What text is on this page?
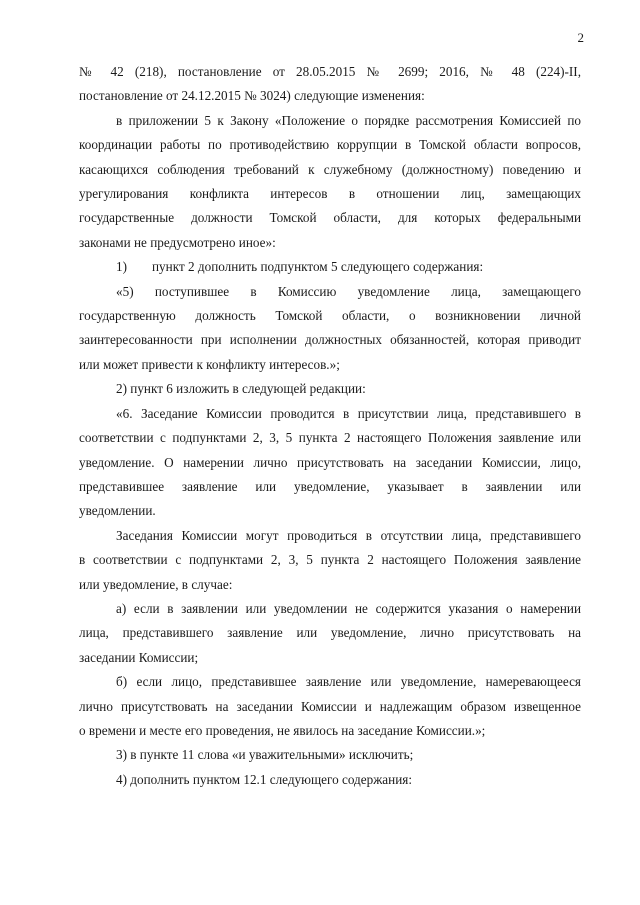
2
№ 42 (218), постановление от 28.05.2015 № 2699; 2016, № 48 (224)-II,
постановление от 24.12.2015 № 3024) следующие изменения:
в приложении 5 к Закону «Положение о порядке рассмотрения Комиссией по
координации работы по противодействию коррупции в Томской области вопросов,
касающихся соблюдения требований к служебному (должностному) поведению и
урегулирования конфликта интересов в отношении лиц, замещающих
государственные должности Томской области, для которых федеральными
законами не предусмотрено иное»:
1) пункт 2 дополнить подпунктом 5 следующего содержания:
«5) поступившее в Комиссию уведомление лица, замещающего
государственную должность Томской области, о возникновении личной
заинтересованности при исполнении должностных обязанностей, которая приводит
или может привести к конфликту интересов.»;
2) пункт 6 изложить в следующей редакции:
«6. Заседание Комиссии проводится в присутствии лица, представившего в
соответствии с подпунктами 2, 3, 5 пункта 2 настоящего Положения заявление или
уведомление. О намерении лично присутствовать на заседании Комиссии, лицо,
представившее заявление или уведомление, указывает в заявлении или
уведомлении.
Заседания Комиссии могут проводиться в отсутствии лица, представившего
в соответствии с подпунктами 2, 3, 5 пункта 2 настоящего Положения заявление
или уведомление, в случае:
а) если в заявлении или уведомлении не содержится указания о намерении
лица, представившего заявление или уведомление, лично присутствовать на
заседании Комиссии;
б) если лицо, представившее заявление или уведомление, намеревающееся
лично присутствовать на заседании Комиссии и надлежащим образом извещенное
о времени и месте его проведения, не явилось на заседание Комиссии.»;
3) в пункте 11 слова «и уважительными» исключить;
4) дополнить пунктом 12.1 следующего содержания:
